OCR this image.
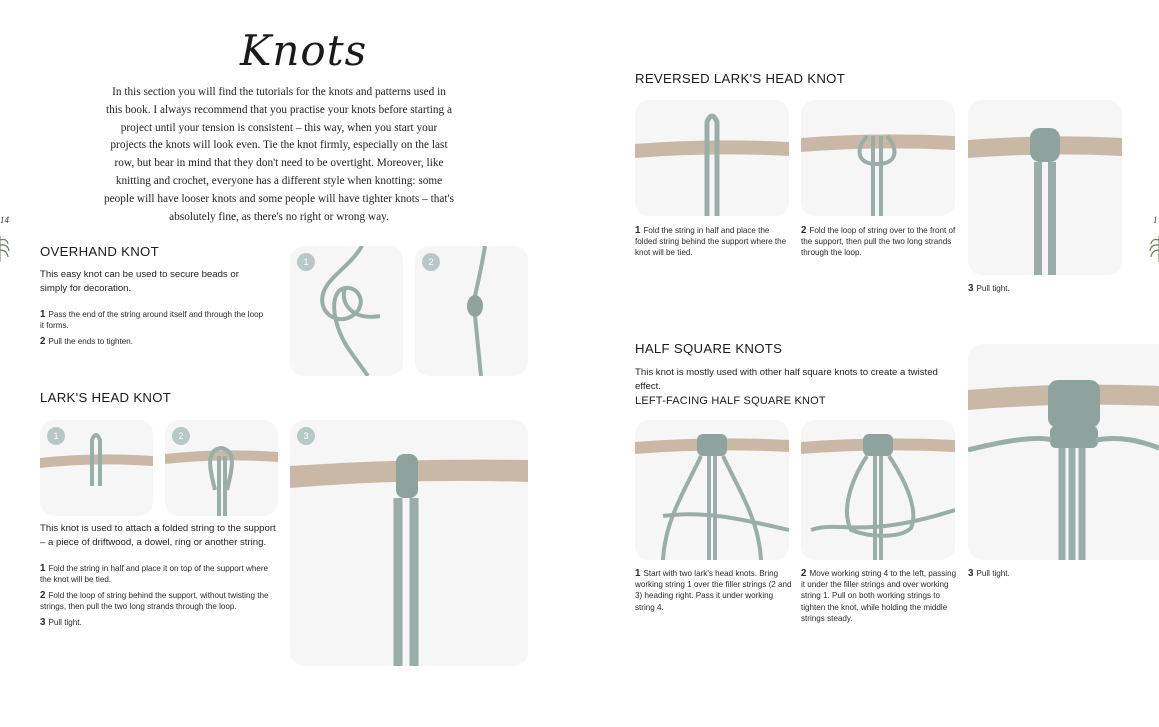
Knots
In this section you will find the tutorials for the knots and patterns used in this book. I always recommend that you practise your knots before starting a project until your tension is consistent – this way, when you start your projects the knots will look even. Tie the knot firmly, especially on the last row, but bear in mind that they don't need to be overtight. Moreover, like knitting and crochet, everyone has a different style when knotting: some people will have looser knots and some people will have tighter knots – that's absolutely fine, as there's no right or wrong way.
14
OVERHAND KNOT
This easy knot can be used to secure beads or simply for decoration.
1 Pass the end of the string around itself and through the loop it forms.
2 Pull the ends to tighten.
1	2
LARK'S HEAD KNOT
1	2	3
This knot is used to attach a folded string to the support – a piece of driftwood, a dowel, ring or another string.
1 Fold the string in half and place it on top of the support where the knot will be tied.
2 Fold the loop of string behind the support, without twisting the strings, then pull the two long strands through the loop.
3 Pull tight.
REVERSED LARK'S HEAD KNOT
1 Fold the string in half and place the folded string behind the support where the knot will be tied.
2 Fold the loop of string over to the front of the support, then pull the two long strands through the loop.
3 Pull tight.
1
HALF SQUARE KNOTS
This knot is mostly used with other half square knots to create a twisted effect.
LEFT-FACING HALF SQUARE KNOT
1 Start with two lark's head knots. Bring working string 1 over the filler strings (2 and 3) heading right. Pass it under working string 4.
2 Move working string 4 to the left, passing it under the filler strings and over working string 1. Pull on both working strings to tighten the knot, while holding the middle strings steady.
3 Pull tight.
